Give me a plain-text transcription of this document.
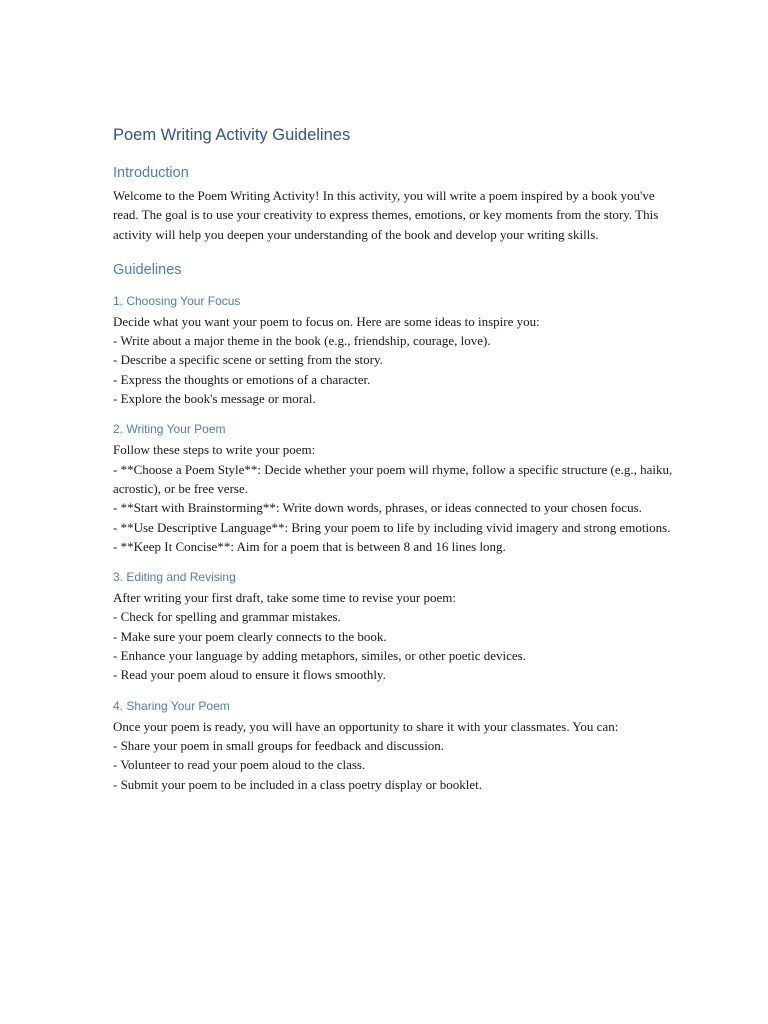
Poem Writing Activity Guidelines
Introduction

Welcome to the Poem Writing Activity! In this activity, you will write a poem inspired by a book you've read. The goal is to use your creativity to express themes, emotions, or key moments from the story. This activity will help you deepen your understanding of the book and develop your writing skills.

Guidelines
1. Choosing Your Focus

Decide what you want your poem to focus on. Here are some ideas to inspire you:

- Write about a major theme in the book (e.g., friendship, courage, love).

- Describe a specific scene or setting from the story.

- Express the thoughts or emotions of a character.

- Explore the book's message or moral.

2. Writing Your Poem

Follow these steps to write your poem:

- **Choose a Poem Style**: Decide whether your poem will rhyme, follow a specific structure (e.g., haiku, acrostic), or be free verse.

- **Start with Brainstorming**: Write down words, phrases, or ideas connected to your chosen focus.

- **Use Descriptive Language**: Bring your poem to life by including vivid imagery and strong emotions.

- **Keep It Concise**: Aim for a poem that is between 8 and 16 lines long.

3. Editing and Revising

After writing your first draft, take some time to revise your poem:

- Check for spelling and grammar mistakes.

- Make sure your poem clearly connects to the book.

- Enhance your language by adding metaphors, similes, or other poetic devices.

- Read your poem aloud to ensure it flows smoothly.

4. Sharing Your Poem

Once your poem is ready, you will have an opportunity to share it with your classmates. You can:

- Share your poem in small groups for feedback and discussion.

- Volunteer to read your poem aloud to the class.

- Submit your poem to be included in a class poetry display or booklet.
